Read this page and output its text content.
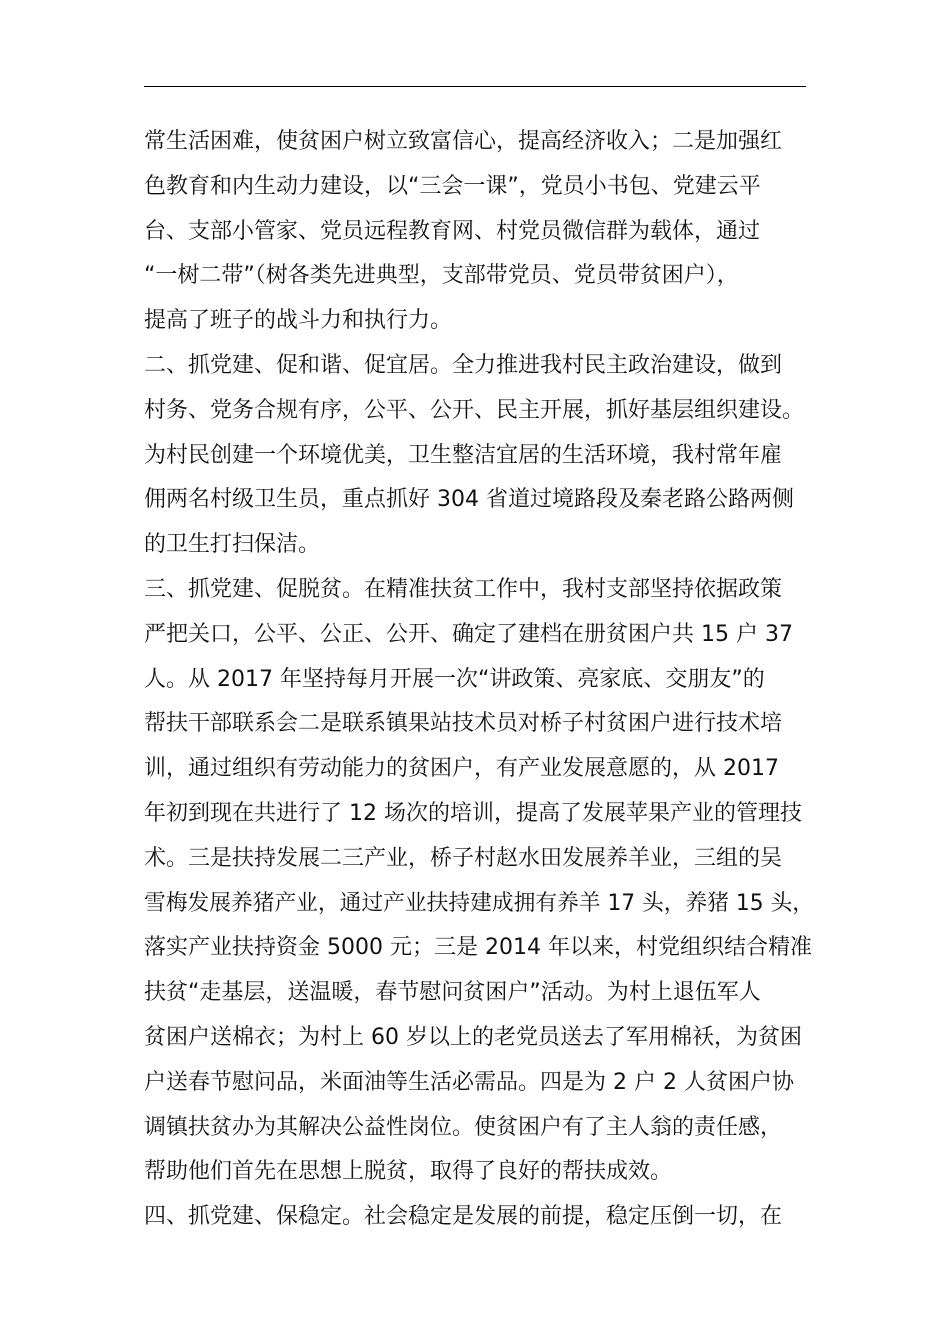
常生活困难，使贫困户树立致富信心，提高经济收入；二是加强红
色教育和内生动力建设，以“三会一课”，党员小书包、党建云平
台、支部小管家、党员远程教育网、村党员微信群为载体，通过
“一树二带”（树各类先进典型，支部带党员、党员带贫困户），
提高了班子的战斗力和执行力。
二、抓党建、促和谐、促宜居。全力推进我村民主政治建设，做到
村务、党务合规有序，公平、公开、民主开展，抓好基层组织建设。
为村民创建一个环境优美，卫生整洁宜居的生活环境，我村常年雇
佣两名村级卫生员，重点抓好 304 省道过境路段及秦老路公路两侧
的卫生打扫保洁。
三、抓党建、促脱贫。在精准扶贫工作中，我村支部坚持依据政策
严把关口，公平、公正、公开、确定了建档在册贫困户共 15 户 37
人。从 2017 年坚持每月开展一次“讲政策、亮家底、交朋友”的
帮扶干部联系会二是联系镇果站技术员对桥子村贫困户进行技术培
训，通过组织有劳动能力的贫困户，有产业发展意愿的，从 2017
年初到现在共进行了 12 场次的培训，提高了发展苹果产业的管理技
术。三是扶持发展二三产业，桥子村赵水田发展养羊业，三组的吴
雪梅发展养猪产业，通过产业扶持建成拥有养羊 17 头，养猪 15 头，
落实产业扶持资金 5000 元；三是 2014 年以来，村党组织结合精准
扶贫“走基层，送温暖，春节慰问贫困户”活动。为村上退伍军人
贫困户送棉衣；为村上 60 岁以上的老党员送去了军用棉袄，为贫困
户送春节慰问品，米面油等生活必需品。四是为 2 户 2 人贫困户协
调镇扶贫办为其解决公益性岗位。使贫困户有了主人翁的责任感，
帮助他们首先在思想上脱贫，取得了良好的帮扶成效。
四、抓党建、保稳定。社会稳定是发展的前提，稳定压倒一切，在
